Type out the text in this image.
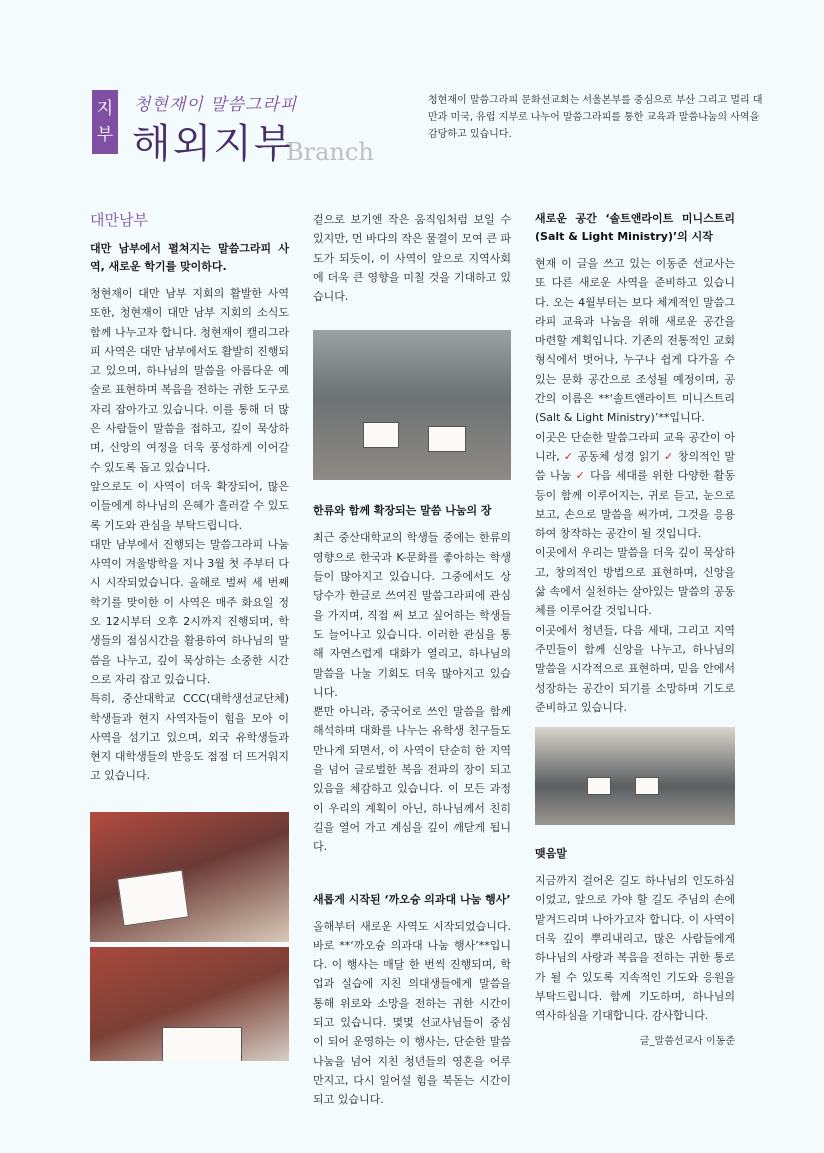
지
부
청현재이 말씀그라피
해외지부
Branch
청현재이 말씀그라피 문화선교회는 서울본부를 중심으로 부산 그리고 멀리 대만과 미국, 유럽 지부로 나누어 말씀그라피를 통한 교육과 말씀나눔의 사역을 감당하고 있습니다.
대만남부
대만 남부에서 펼쳐지는 말씀그라피 사역, 새로운 학기를 맞이하다.

청현재이 대만 남부 지회의 활발한 사역 또한, 청현재이 대만 남부 지회의 소식도 함께 나누고자 합니다. 청현재이 캘리그라피 사역은 대만 남부에서도 활발히 진행되고 있으며, 하나님의 말씀을 아름다운 예술로 표현하며 복음을 전하는 귀한 도구로 자리 잡아가고 있습니다. 이를 통해 더 많은 사람들이 말씀을 접하고, 깊이 묵상하며, 신앙의 여정을 더욱 풍성하게 이어갈 수 있도록 돕고 있습니다.

앞으로도 이 사역이 더욱 확장되어, 많은 이들에게 하나님의 은혜가 흘러갈 수 있도록 기도와 관심을 부탁드립니다.

대만 남부에서 진행되는 말씀그라피 나눔 사역이 겨울방학을 지나 3월 첫 주부터 다시 시작되었습니다. 올해로 벌써 세 번째 학기를 맞이한 이 사역은 매주 화요일 정오 12시부터 오후 2시까지 진행되며, 학생들의 점심시간을 활용하여 하나님의 말씀을 나누고, 깊이 묵상하는 소중한 시간으로 자리 잡고 있습니다.

특히, 중산대학교 CCC(대학생선교단체) 학생들과 현지 사역자들이 힘을 모아 이 사역을 섬기고 있으며, 외국 유학생들과 현지 대학생들의 반응도 점점 더 뜨거워지고 있습니다.

겉으로 보기엔 작은 움직임처럼 보일 수 있지만, 먼 바다의 작은 물결이 모여 큰 파도가 되듯이, 이 사역이 앞으로 지역사회에 더욱 큰 영향을 미칠 것을 기대하고 있습니다.

한류와 함께 확장되는 말씀 나눔의 장

최근 중산대학교의 학생들 중에는 한류의 영향으로 한국과 K-문화를 좋아하는 학생들이 많아지고 있습니다. 그중에서도 상당수가 한글로 쓰여진 말씀그라피에 관심을 가지며, 직접 써 보고 싶어하는 학생들도 늘어나고 있습니다. 이러한 관심을 통해 자연스럽게 대화가 열리고, 하나님의 말씀을 나눌 기회도 더욱 많아지고 있습니다.

뿐만 아니라, 중국어로 쓰인 말씀을 함께 해석하며 대화를 나누는 유학생 친구들도 만나게 되면서, 이 사역이 단순히 한 지역을 넘어 글로벌한 복음 전파의 장이 되고 있음을 체감하고 있습니다. 이 모든 과정이 우리의 계획이 아닌, 하나님께서 친히 길을 열어 가고 계심을 깊이 깨닫게 됩니다.

새롭게 시작된 ‘까오슝 의과대 나눔 행사’

올해부터 새로운 사역도 시작되었습니다. 바로 **‘까오슝 의과대 나눔 행사’**입니다. 이 행사는 매달 한 번씩 진행되며, 학업과 실습에 지친 의대생들에게 말씀을 통해 위로와 소망을 전하는 귀한 시간이 되고 있습니다. 몇몇 선교사님들이 중심이 되어 운영하는 이 행사는, 단순한 말씀 나눔을 넘어 지친 청년들의 영혼을 어루만지고, 다시 일어설 힘을 북돋는 시간이 되고 있습니다.

새로운 공간 ‘솔트앤라이트 미니스트리 (Salt & Light Ministry)’의 시작

현재 이 글을 쓰고 있는 이동준 선교사는 또 다른 새로운 사역을 준비하고 있습니다. 오는 4월부터는 보다 체계적인 말씀그라피 교육과 나눔을 위해 새로운 공간을 마련할 계획입니다. 기존의 전통적인 교회 형식에서 벗어나, 누구나 쉽게 다가올 수 있는 문화 공간으로 조성될 예정이며, 공간의 이름은 **‘솔트앤라이트 미니스트리 (Salt & Light Ministry)’**입니다.

이곳은 단순한 말씀그라피 교육 공간이 아니라, ✓ 공동체 성경 읽기 ✓ 창의적인 말씀 나눔 ✓ 다음 세대를 위한 다양한 활동 등이 함께 이루어지는, 귀로 듣고, 눈으로 보고, 손으로 말씀을 써가며, 그것을 응용하여 창작하는 공간이 될 것입니다.

이곳에서 우리는 말씀을 더욱 깊이 묵상하고, 창의적인 방법으로 표현하며, 신앙을 삶 속에서 실천하는 살아있는 말씀의 공동체를 이루어갈 것입니다.

이곳에서 청년들, 다음 세대, 그리고 지역 주민들이 함께 신앙을 나누고, 하나님의 말씀을 시각적으로 표현하며, 믿음 안에서 성장하는 공간이 되기를 소망하며 기도로 준비하고 있습니다.

맺음말

지금까지 걸어온 길도 하나님의 인도하심이었고, 앞으로 가야 할 길도 주님의 손에 맡겨드리며 나아가고자 합니다. 이 사역이 더욱 깊이 뿌리내리고, 많은 사람들에게 하나님의 사랑과 복음을 전하는 귀한 통로가 될 수 있도록 지속적인 기도와 응원을 부탁드립니다. 함께 기도하며, 하나님의 역사하심을 기대합니다. 감사합니다.

글_말씀선교사 이동준
